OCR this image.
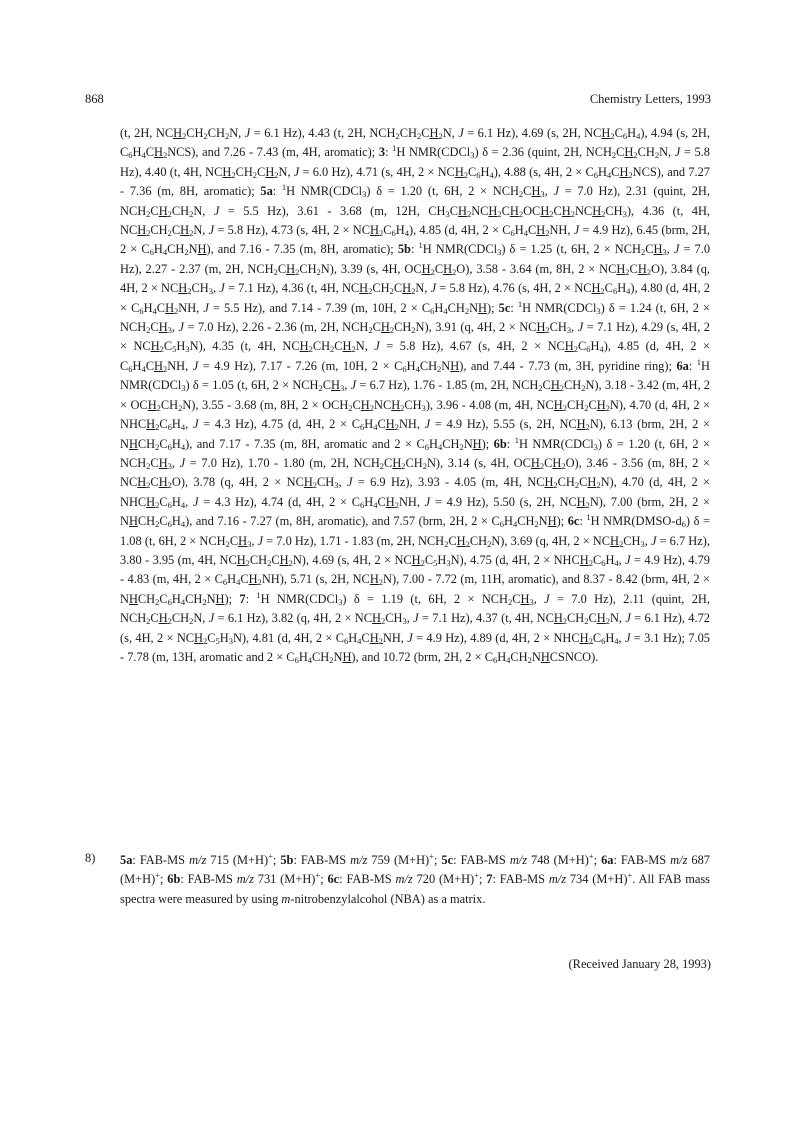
868	Chemistry Letters, 1993

(t, 2H, $NCH_2CH_2CH_2N$, J = 6.1 Hz), 4.43 (t, 2H, $NCH_2CH_2CH_2N$, J = 6.1 Hz), 4.69 (s, 2H, $NCH_2C_6H_4$), 4.94 (s, 2H, $C_6H_4CH_2NCS$), and 7.26 - 7.43 (m, 4H, aromatic); 3: $^1$H NMR(CDCl$_3$) δ = 2.36 (quint, 2H, $NCH_2CH_2CH_2N$, J = 5.8 Hz), 4.40 (t, 4H, $NCH_2CH_2CH_2N$, J = 6.0 Hz), 4.71 (s, 4H, $2 \times NCH_2C_6H_4$), 4.88 (s, 4H, $2 \times C_6H_4CH_2NCS$), and 7.27 - 7.36 (m, 8H, aromatic); 5a: $^1$H NMR(CDCl$_3$) δ = 1.20 (t, 6H, $2 \times NCH_2CH_3$, J = 7.0 Hz), 2.31 (quint, 2H, $NCH_2CH_2CH_2N$, J = 5.5 Hz), 3.61 - 3.68 (m, 12H, $CH_3CH_2NCH_2CH_2OCH_2CH_2NCH_2CH_3$), 4.36 (t, 4H, $NCH_2CH_2CH_2N$, J = 5.8 Hz), 4.73 (s, 4H, $2 \times NCH_2C_6H_4$), 4.85 (d, 4H, $2 \times C_6H_4CH_2NH$, J = 4.9 Hz), 6.45 (brm, 2H, $2 \times C_6H_4CH_2NH$), and 7.16 - 7.35 (m, 8H, aromatic); 5b: $^1$H NMR(CDCl$_3$) δ = 1.25 (t, 6H, $2 \times NCH_2CH_3$, J = 7.0 Hz), 2.27 - 2.37 (m, 2H, $NCH_2CH_2CH_2N$), 3.39 (s, 4H, $OCH_2CH_2O$), 3.58 - 3.64 (m, 8H, $2 \times NCH_2CH_2O$), 3.84 (q, 4H, $2 \times NCH_2CH_3$, J = 7.1 Hz), 4.36 (t, 4H, $NCH_2CH_2CH_2N$, J = 5.8 Hz), 4.76 (s, 4H, $2 \times NCH_2C_6H_4$), 4.80 (d, 4H, $2 \times C_6H_4CH_2NH$, J = 5.5 Hz), and 7.14 - 7.39 (m, 10H, $2 \times C_6H_4CH_2NH$); 5c: $^1$H NMR(CDCl$_3$) δ = 1.24 (t, 6H, $2 \times NCH_2CH_3$, J = 7.0 Hz), 2.26 - 2.36 (m, 2H, $NCH_2CH_2CH_2N$), 3.91 (q, 4H, $2 \times NCH_2CH_3$, J = 7.1 Hz), 4.29 (s, 4H, $2 \times NCH_2C_5H_3N$), 4.35 (t, 4H, $NCH_2CH_2CH_2N$, J = 5.8 Hz), 4.67 (s, 4H, $2 \times NCH_2C_6H_4$), 4.85 (d, 4H, $2 \times C_6H_4CH_2NH$, J = 4.9 Hz), 7.17 - 7.26 (m, 10H, $2 \times C_6H_4CH_2NH$), and 7.44 - 7.73 (m, 3H, pyridine ring); 6a: $^1$H NMR(CDCl$_3$) δ = 1.05 (t, 6H, $2 \times NCH_2CH_3$, J = 6.7 Hz), 1.76 - 1.85 (m, 2H, $NCH_2CH_2CH_2N$), 3.18 - 3.42 (m, 4H, $2 \times OCH_2CH_2N$), 3.55 - 3.68 (m, 8H, $2 \times OCH_2CH_2NCH_2CH_3$), 3.96 - 4.08 (m, 4H, $NCH_2CH_2CH_2N$), 4.70 (d, 4H, $2 \times NHCH_2C_6H_4$, J = 4.3 Hz), 4.75 (d, 4H, $2 \times C_6H_4CH_2NH$, J = 4.9 Hz), 5.55 (s, 2H, $NCH_2N$), 6.13 (brm, 2H, $2 \times NHCH_2C_6H_4$), and 7.17 - 7.35 (m, 8H, aromatic and $2 \times C_6H_4CH_2NH$); 6b: $^1$H NMR(CDCl$_3$) δ = 1.20 (t, 6H, $2 \times NCH_2CH_3$, J = 7.0 Hz), 1.70 - 1.80 (m, 2H, $NCH_2CH_2CH_2N$), 3.14 (s, 4H, $OCH_2CH_2O$), 3.46 - 3.56 (m, 8H, $2 \times NCH_2CH_2O$), 3.78 (q, 4H, $2 \times NCH_2CH_3$, J = 6.9 Hz), 3.93 - 4.05 (m, 4H, $NCH_2CH_2CH_2N$), 4.70 (d, 4H, $2 \times NHCH_2C_6H_4$, J = 4.3 Hz), 4.74 (d, 4H, $2 \times C_6H_4CH_2NH$, J = 4.9 Hz), 5.50 (s, 2H, $NCH_2N$), 7.00 (brm, 2H, $2 \times NHCH_2C_6H_4$), and 7.16 - 7.27 (m, 8H, aromatic), and 7.57 (brm, 2H, $2 \times C_6H_4CH_2NH$); 6c: $^1$H $NMR(DMSO-d_6) \delta = 1.08$ (t, 6H, $2 \times NCH_2CH_3$, J = 7.0 Hz), 1.71 - 1.83 (m, 2H, $NCH_2CH_2CH_2N$), 3.69 (q, 4H, $2 \times NCH_2CH_3$, J = 6.7 Hz), 3.80 - 3.95 (m, 4H, $NCH_2CH_2CH_2N$), 4.69 (s, 4H, $2 \times NCH_2C_5H_3N$), 4.75 (d, 4H, $2 \times NHCH_2C_6H_4$, J = 4.9 Hz), 4.79 - 4.83 (m, 4H, $2 \times C_6H_4CH_2NH$), 5.71 (s, 2H, $NCH_2N$), 7.00 - 7.72 (m, 11H, aromatic), and 8.37 - 8.42 (brm, 4H, $2 \times NHCH_2C_6H_4CH_2NH$); 7: $^1$H NMR(CDCl$_3$) δ = 1.19 (t, 6H, $2 \times NCH_2CH_3$, J = 7.0 Hz), 2.11 (quint, 2H, $NCH_2CH_2CH_2N$, J = 6.1 Hz), 3.82 (q, 4H, $2 \times NCH_2CH_3$, J = 7.1 Hz), 4.37 (t, 4H, $NCH_2CH_2CH_2N$, J = 6.1 Hz), 4.72 (s, 4H, $2 \times NCH_2C_5H_3N$), 4.81 (d, 4H, $2 \times C_6H_4CH_2NH$, J = 4.9 Hz), 4.89 (d, 4H, $2 \times NHCH_2C_6H_4$, J = 3.1 Hz); 7.05 - 7.78 (m, 13H, aromatic and $2 \times C_6H_4CH_2NH$), and 10.72 (brm, 2H, $2 \times C_6H_4CH_2NHCSNCO$).

8) 5a: FAB-MS m/z 715 (M+H)+; 5b: FAB-MS m/z 759 (M+H)+; 5c: FAB-MS m/z 748 (M+H)+; 6a: FAB-MS m/z 687 (M+H)+; 6b: FAB-MS m/z 731 (M+H)+; 6c: FAB-MS m/z 720 (M+H)+; 7: FAB-MS m/z 734 (M+H)+. All FAB mass spectra were measured by using m-nitrobenzylalcohol (NBA) as a matrix.
(Received January 28, 1993)
